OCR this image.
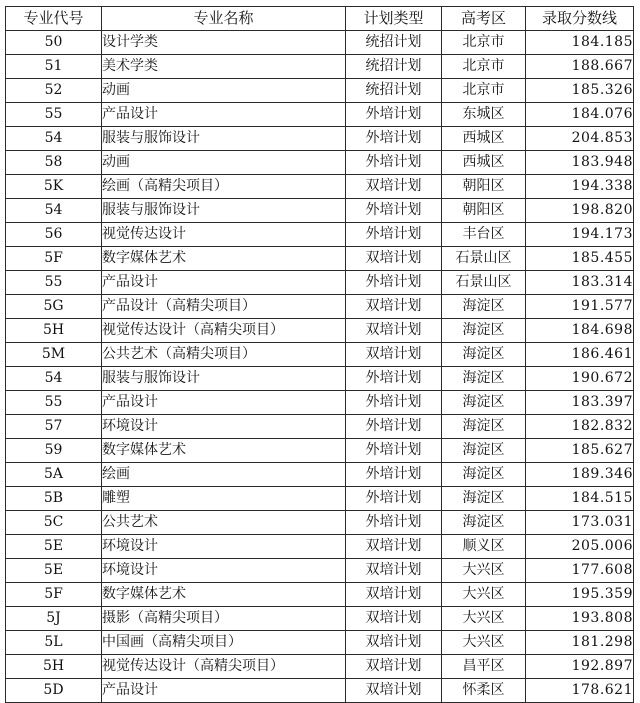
专业代号	专业名称	计划类型	高考区	录取分数线
50	设计学类	统招计划	北京市	184.185
51	美术学类	统招计划	北京市	188.667
52	动画	统招计划	北京市	185.326
55	产品设计	外培计划	东城区	184.076
54	服装与服饰设计	外培计划	西城区	204.853
58	动画	外培计划	西城区	183.948
5K	绘画（高精尖项目）	双培计划	朝阳区	194.338
54	服装与服饰设计	外培计划	朝阳区	198.820
56	视觉传达设计	外培计划	丰台区	194.173
5F	数字媒体艺术	双培计划	石景山区	185.455
55	产品设计	外培计划	石景山区	183.314
5G	产品设计（高精尖项目）	双培计划	海淀区	191.577
5H	视觉传达设计（高精尖项目）	双培计划	海淀区	184.698
5M	公共艺术（高精尖项目）	双培计划	海淀区	186.461
54	服装与服饰设计	外培计划	海淀区	190.672
55	产品设计	外培计划	海淀区	183.397
57	环境设计	外培计划	海淀区	182.832
59	数字媒体艺术	外培计划	海淀区	185.627
5A	绘画	外培计划	海淀区	189.346
5B	雕塑	外培计划	海淀区	184.515
5C	公共艺术	外培计划	海淀区	173.031
5E	环境设计	双培计划	顺义区	205.006
5E	环境设计	双培计划	大兴区	177.608
5F	数字媒体艺术	双培计划	大兴区	195.359
5J	摄影（高精尖项目）	双培计划	大兴区	193.808
5L	中国画（高精尖项目）	双培计划	大兴区	181.298
5H	视觉传达设计（高精尖项目）	双培计划	昌平区	192.897
5D	产品设计	双培计划	怀柔区	178.621
